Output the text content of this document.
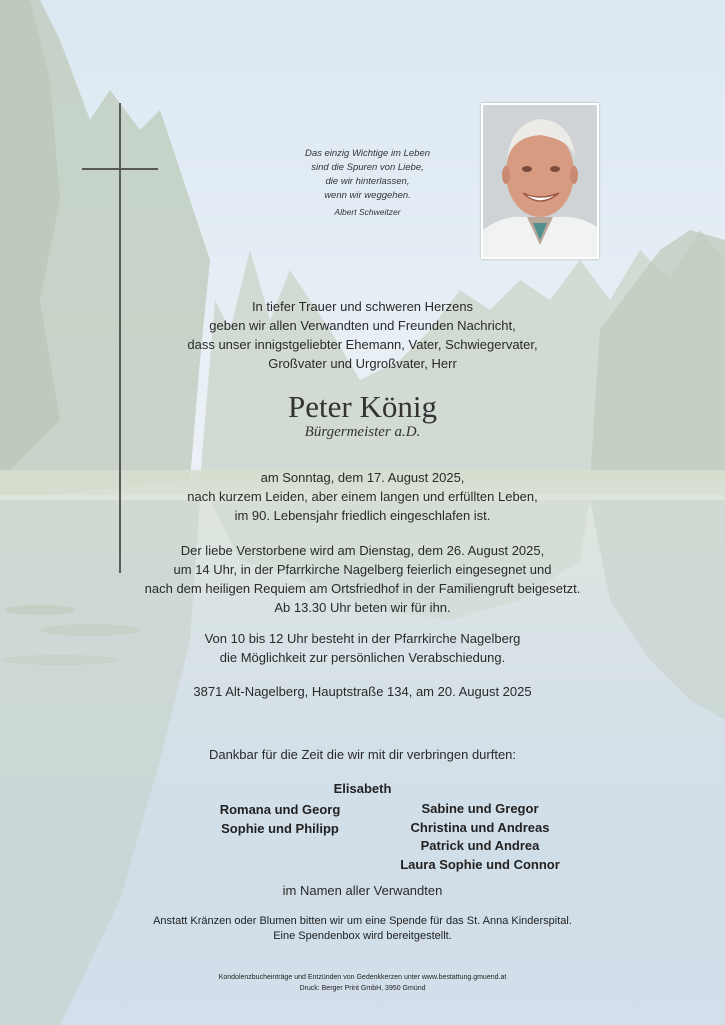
Das einzig Wichtige im Leben
sind die Spuren von Liebe,
die wir hinterlassen,
wenn wir weggehen.
Albert Schweitzer
In tiefer Trauer und schweren Herzens
geben wir allen Verwandten und Freunden Nachricht,
dass unser innigstgeliebter Ehemann, Vater, Schwiegervater,
Großvater und Urgroßvater, Herr
Peter König
Bürgermeister a.D.
am Sonntag, dem 17. August 2025,
nach kurzem Leiden, aber einem langen und erfüllten Leben,
im 90. Lebensjahr friedlich eingeschlafen ist.
Der liebe Verstorbene wird am Dienstag, dem 26. August 2025,
um 14 Uhr, in der Pfarrkirche Nagelberg feierlich eingesegnet und
nach dem heiligen Requiem am Ortsfriedhof in der Familiengruft beigesetzt.
Ab 13.30 Uhr beten wir für ihn.
Von 10 bis 12 Uhr besteht in der Pfarrkirche Nagelberg
die Möglichkeit zur persönlichen Verabschiedung.
3871 Alt-Nagelberg, Hauptstraße 134, am 20. August 2025
Dankbar für die Zeit die wir mit dir verbringen durften:
Elisabeth
Romana und Georg
Sophie und Philipp
Sabine und Gregor
Christina und Andreas
Patrick und Andrea
Laura Sophie und Connor
im Namen aller Verwandten
Anstatt Kränzen oder Blumen bitten wir um eine Spende für das St. Anna Kinderspital.
Eine Spendenbox wird bereitgestellt.
Kondolenzbucheinträge und Entzünden von Gedenkkerzen unter www.bestattung.gmuend.at
Druck: Berger Print GmbH, 3950 Gmünd
